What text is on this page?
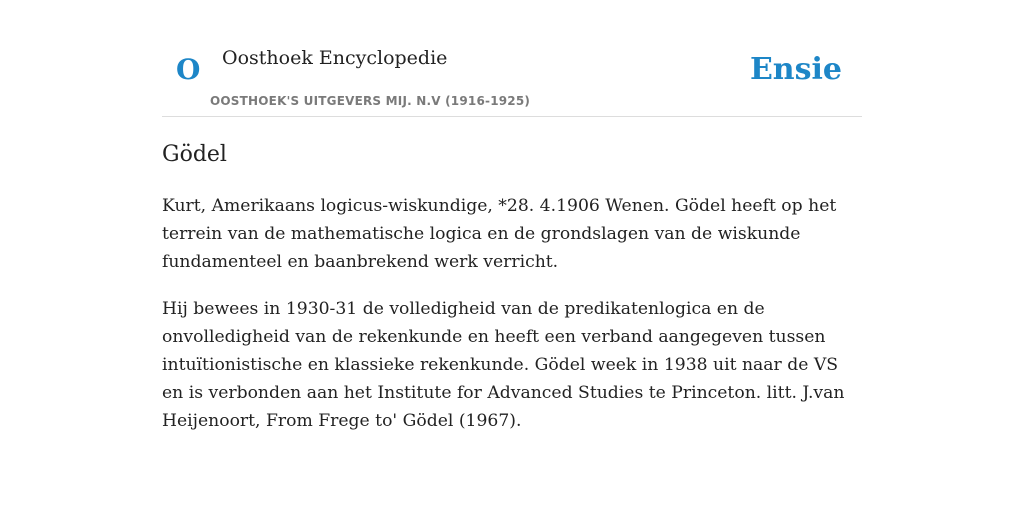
O Oosthoek Encyclopedie
OOSTHOEK'S UITGEVERS MIJ. N.V (1916-1925)
Ensie
Gödel

Kurt, Amerikaans logicus-wiskundige, *28. 4.1906 Wenen. Gödel heeft op het terrein van de mathematische logica en de grondslagen van de wiskunde fundamenteel en baanbrekend werk verricht.

Hij bewees in 1930-31 de volledigheid van de predikatenlogica en de onvolledigheid van de rekenkunde en heeft een verband aangegeven tussen intuïtionistische en klassieke rekenkunde. Gödel week in 1938 uit naar de VS en is verbonden aan het Institute for Advanced Studies te Princeton. litt. J.van Heijenoort, From Frege to' Gödel (1967).
